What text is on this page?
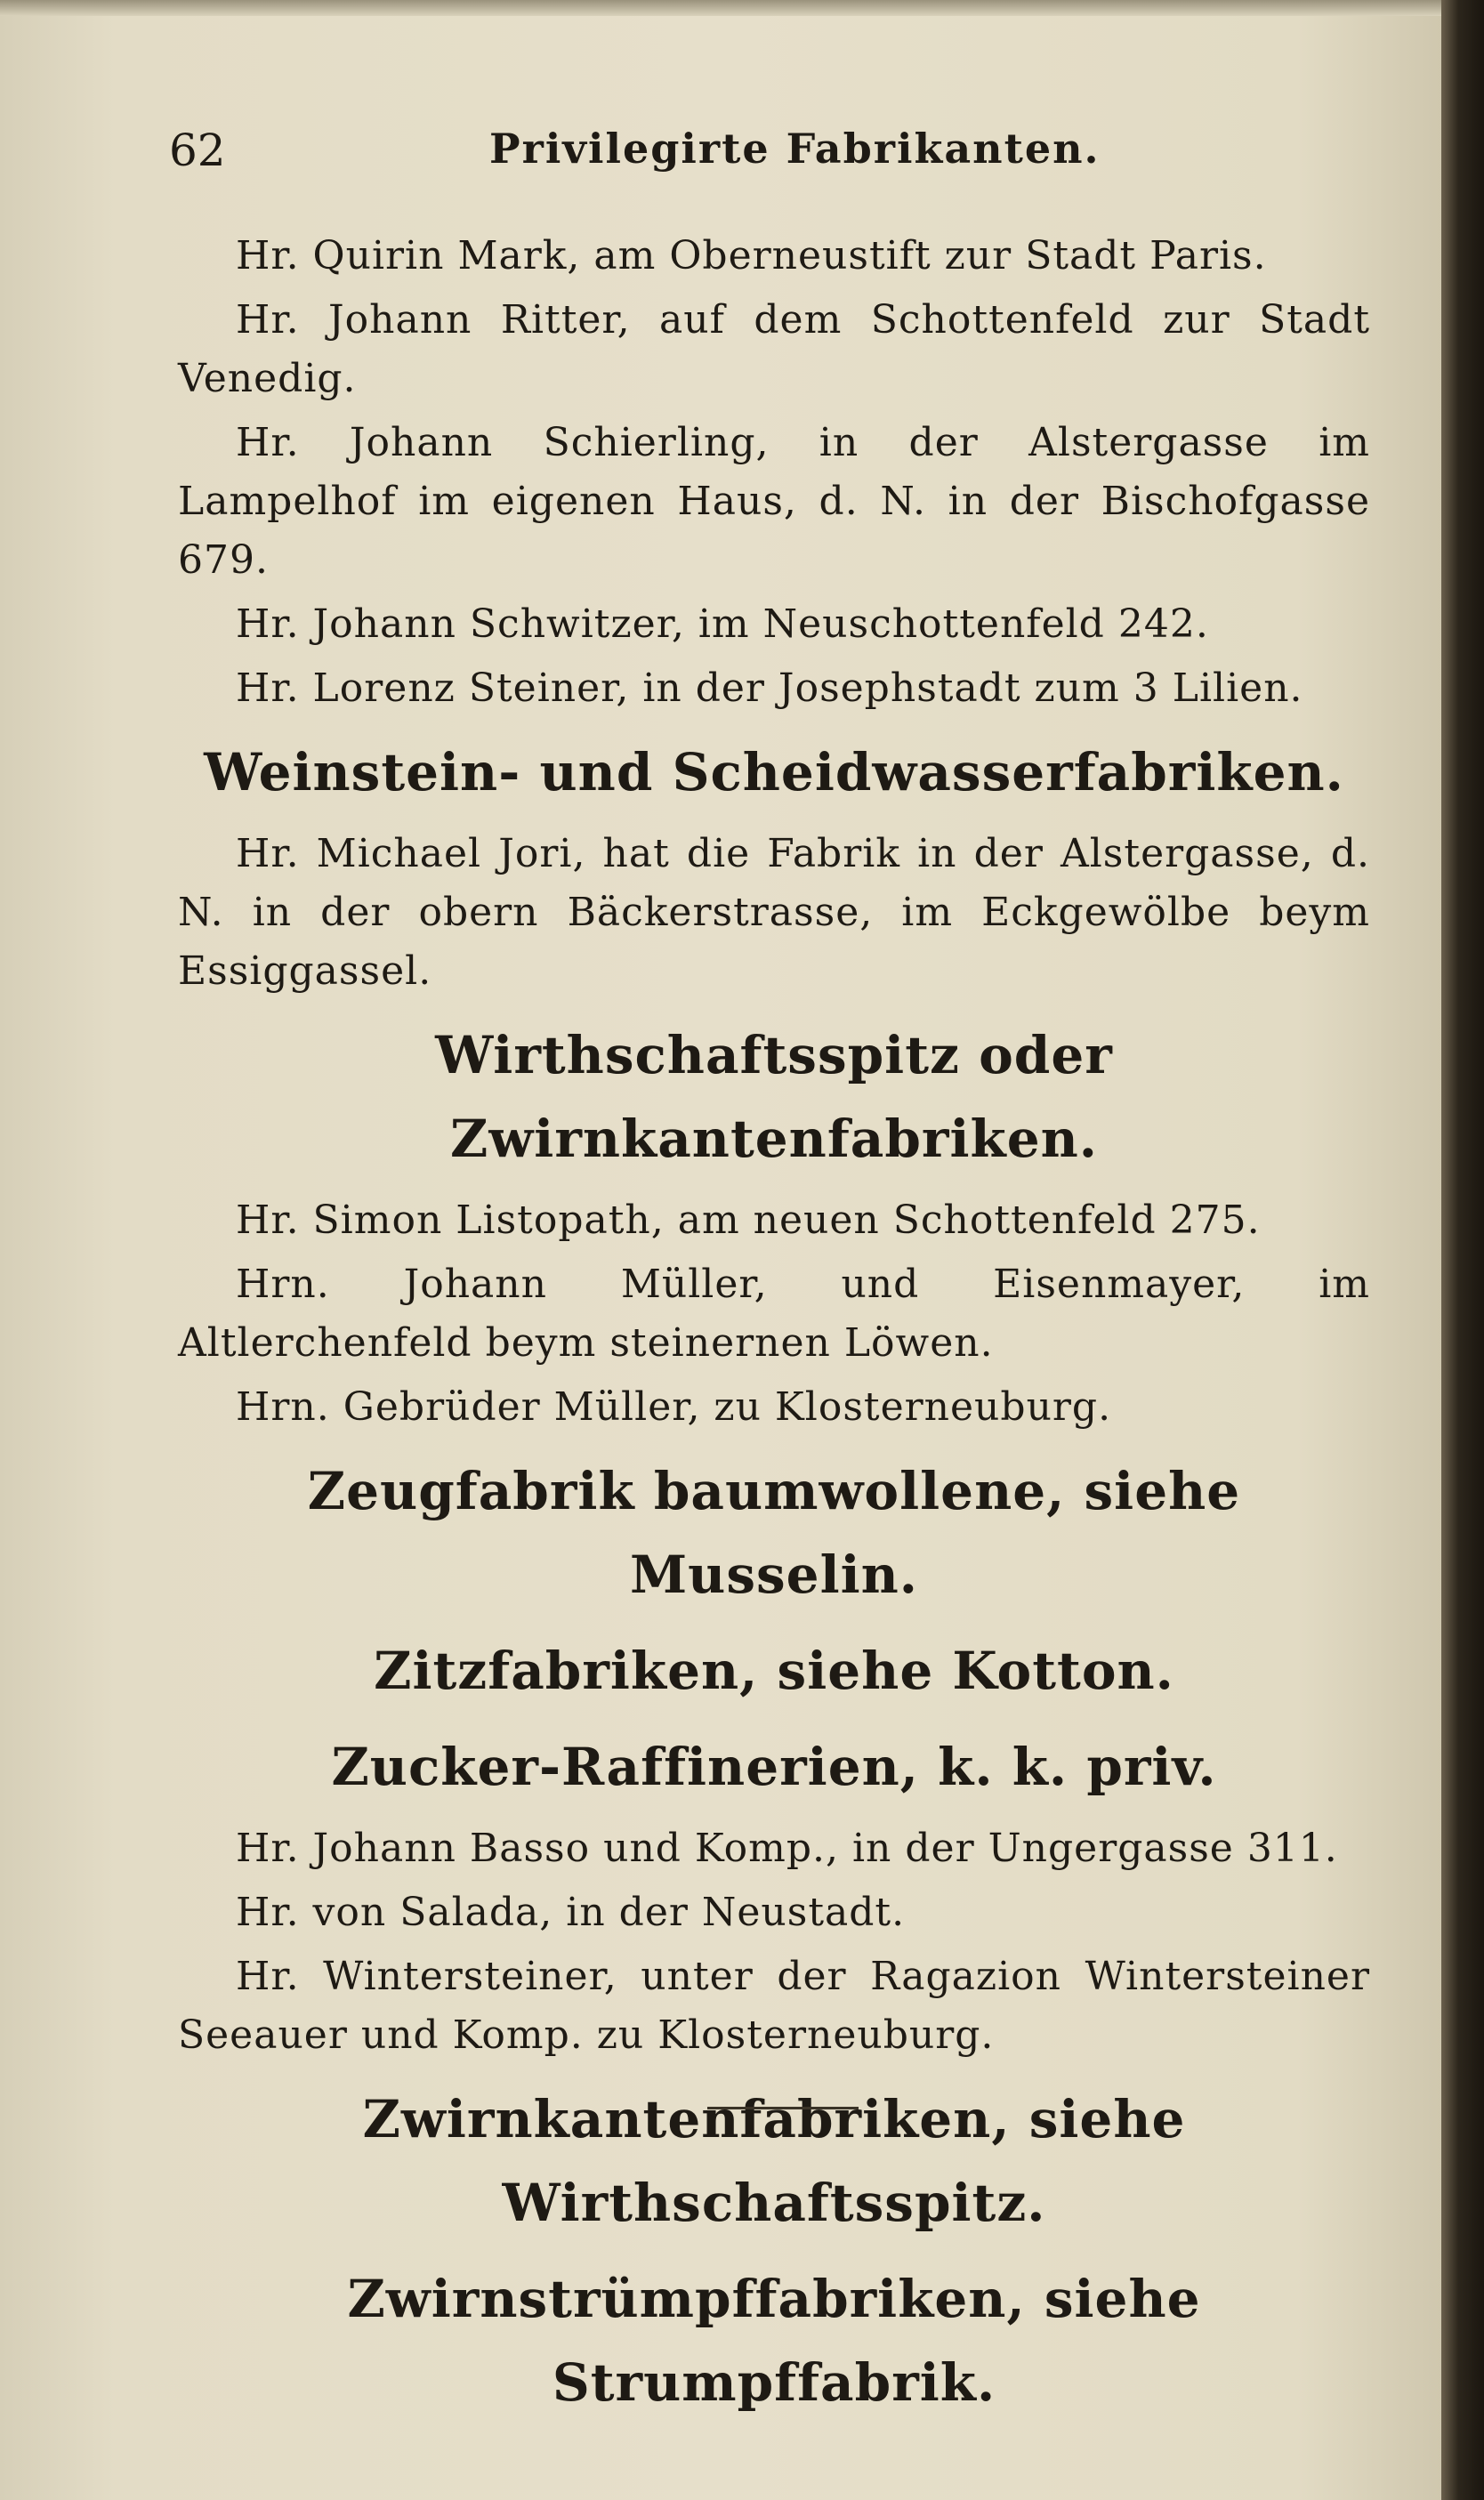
62	Privilegirte Fabrikanten.

Hr. Quirin Mark, am Oberneustift zur Stadt Paris.

Hr. Johann Ritter, auf dem Schottenfeld zur Stadt Venedig.

Hr. Johann Schierling, in der Alstergasse im Lampelhof im eigenen Haus, d. N. in der Bischofgasse 679.

Hr. Johann Schwitzer, im Neuschottenfeld 242.

Hr. Lorenz Steiner, in der Josephstadt zum 3 Lilien.

Weinstein- und Scheidwasserfabriken.

Hr. Michael Jori, hat die Fabrik in der Alstergasse, d. N. in der obern Bäckerstrasse, im Eckgewölbe beym Essiggassel.

Wirthschaftsspitz oder Zwirnkantenfabriken.

Hr. Simon Listopath, am neuen Schottenfeld 275.

Hrn. Johann Müller, und Eisenmayer, im Altlerchenfeld beym steinernen Löwen.

Hrn. Gebrüder Müller, zu Klosterneuburg.

Zeugfabrik baumwollene, siehe Musselin.
Zitzfabriken, siehe Kotton.
Zucker-Raffinerien, k. k. priv.

Hr. Johann Basso und Komp., in der Ungergasse 311.

Hr. von Salada, in der Neustadt.

Hr. Wintersteiner, unter der Ragazion Wintersteiner Seeauer und Komp. zu Klosterneuburg.

Zwirnkantenfabriken, siehe Wirthschaftsspitz.
Zwirnstrümpffabriken, siehe Strumpffabrik.
